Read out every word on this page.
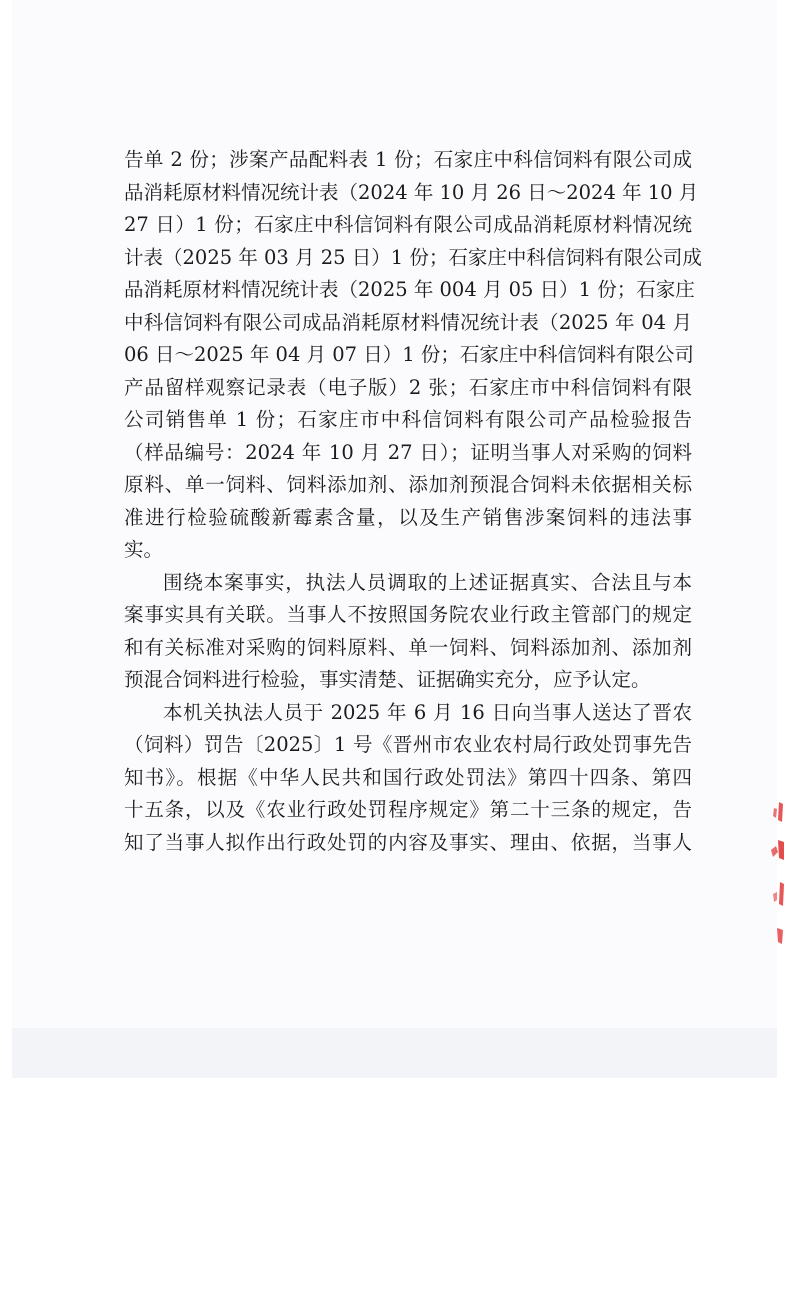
告单 2 份；涉案产品配料表 1 份；石家庄中科信饲料有限公司成
品消耗原材料情况统计表（2024 年 10 月 26 日～2024 年 10 月
27 日）1 份；石家庄中科信饲料有限公司成品消耗原材料情况统
计表（2025 年 03 月 25 日）1 份；石家庄中科信饲料有限公司成
品消耗原材料情况统计表（2025 年 004 月 05 日）1 份；石家庄
中科信饲料有限公司成品消耗原材料情况统计表（2025 年 04 月
06 日～2025 年 04 月 07 日）1 份；石家庄中科信饲料有限公司
产品留样观察记录表（电子版）2 张；石家庄市中科信饲料有限
公司销售单 1 份；石家庄市中科信饲料有限公司产品检验报告
（样品编号：2024 年 10 月 27 日）；证明当事人对采购的饲料
原料、单一饲料、饲料添加剂、添加剂预混合饲料未依据相关标
准进行检验硫酸新霉素含量，以及生产销售涉案饲料的违法事
实。
围绕本案事实，执法人员调取的上述证据真实、合法且与本
案事实具有关联。当事人不按照国务院农业行政主管部门的规定
和有关标准对采购的饲料原料、单一饲料、饲料添加剂、添加剂
预混合饲料进行检验，事实清楚、证据确实充分，应予认定。
本机关执法人员于 2025 年 6 月 16 日向当事人送达了晋农
（饲料）罚告〔2025〕1 号《晋州市农业农村局行政处罚事先告
知书》。根据《中华人民共和国行政处罚法》第四十四条、第四
十五条，以及《农业行政处罚程序规定》第二十三条的规定，告
知了当事人拟作出行政处罚的内容及事实、理由、依据，当事人
